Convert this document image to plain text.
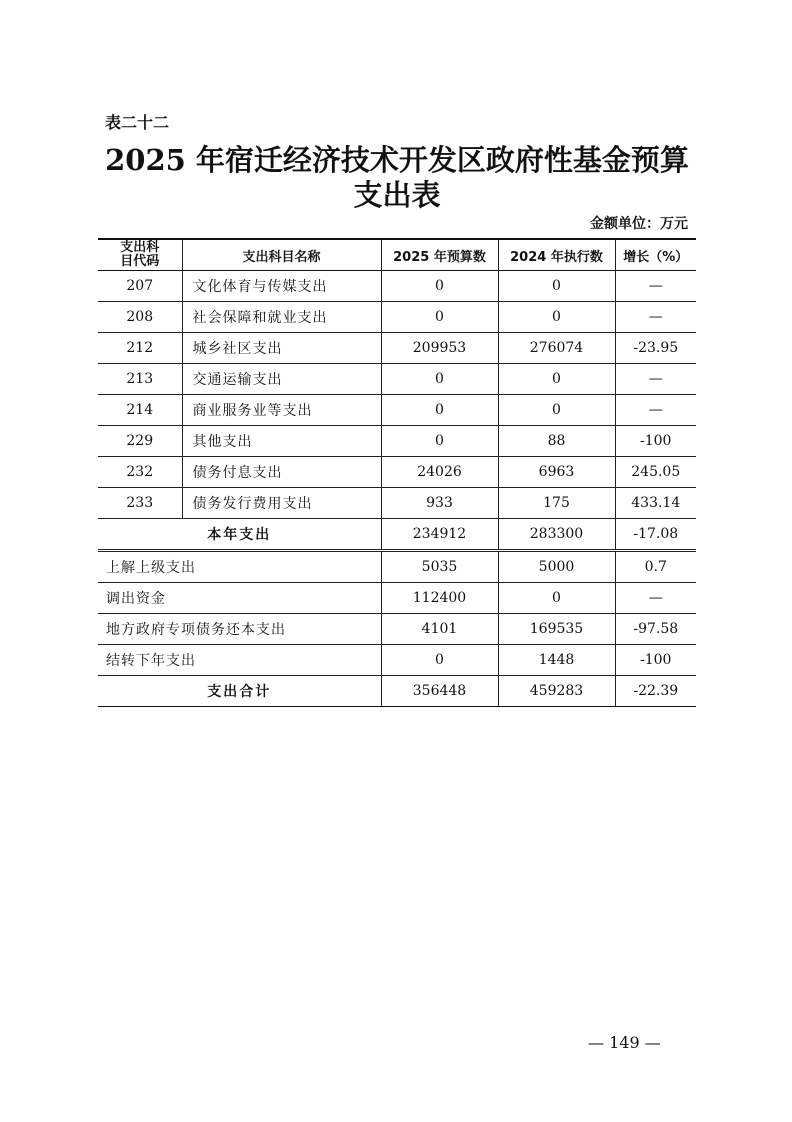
表二十二
2025 年宿迁经济技术开发区政府性基金预算
支出表
金额单位：万元
支出科
目代码	支出科目名称	2025 年预算数	2024 年执行数	增长（%）
207	文化体育与传媒支出	0	0	—
208	社会保障和就业支出	0	0	—
212	城乡社区支出	209953	276074	-23.95
213	交通运输支出	0	0	—
214	商业服务业等支出	0	0	—
229	其他支出	0	88	-100
232	债务付息支出	24026	6963	245.05
233	债务发行费用支出	933	175	433.14
本年支出		234912	283300	-17.08
上解上级支出		5035	5000	0.7
调出资金		112400	0	—
地方政府专项债务还本支出		4101	169535	-97.58
结转下年支出		0	1448	-100
支出合计		356448	459283	-22.39
— 149 —
